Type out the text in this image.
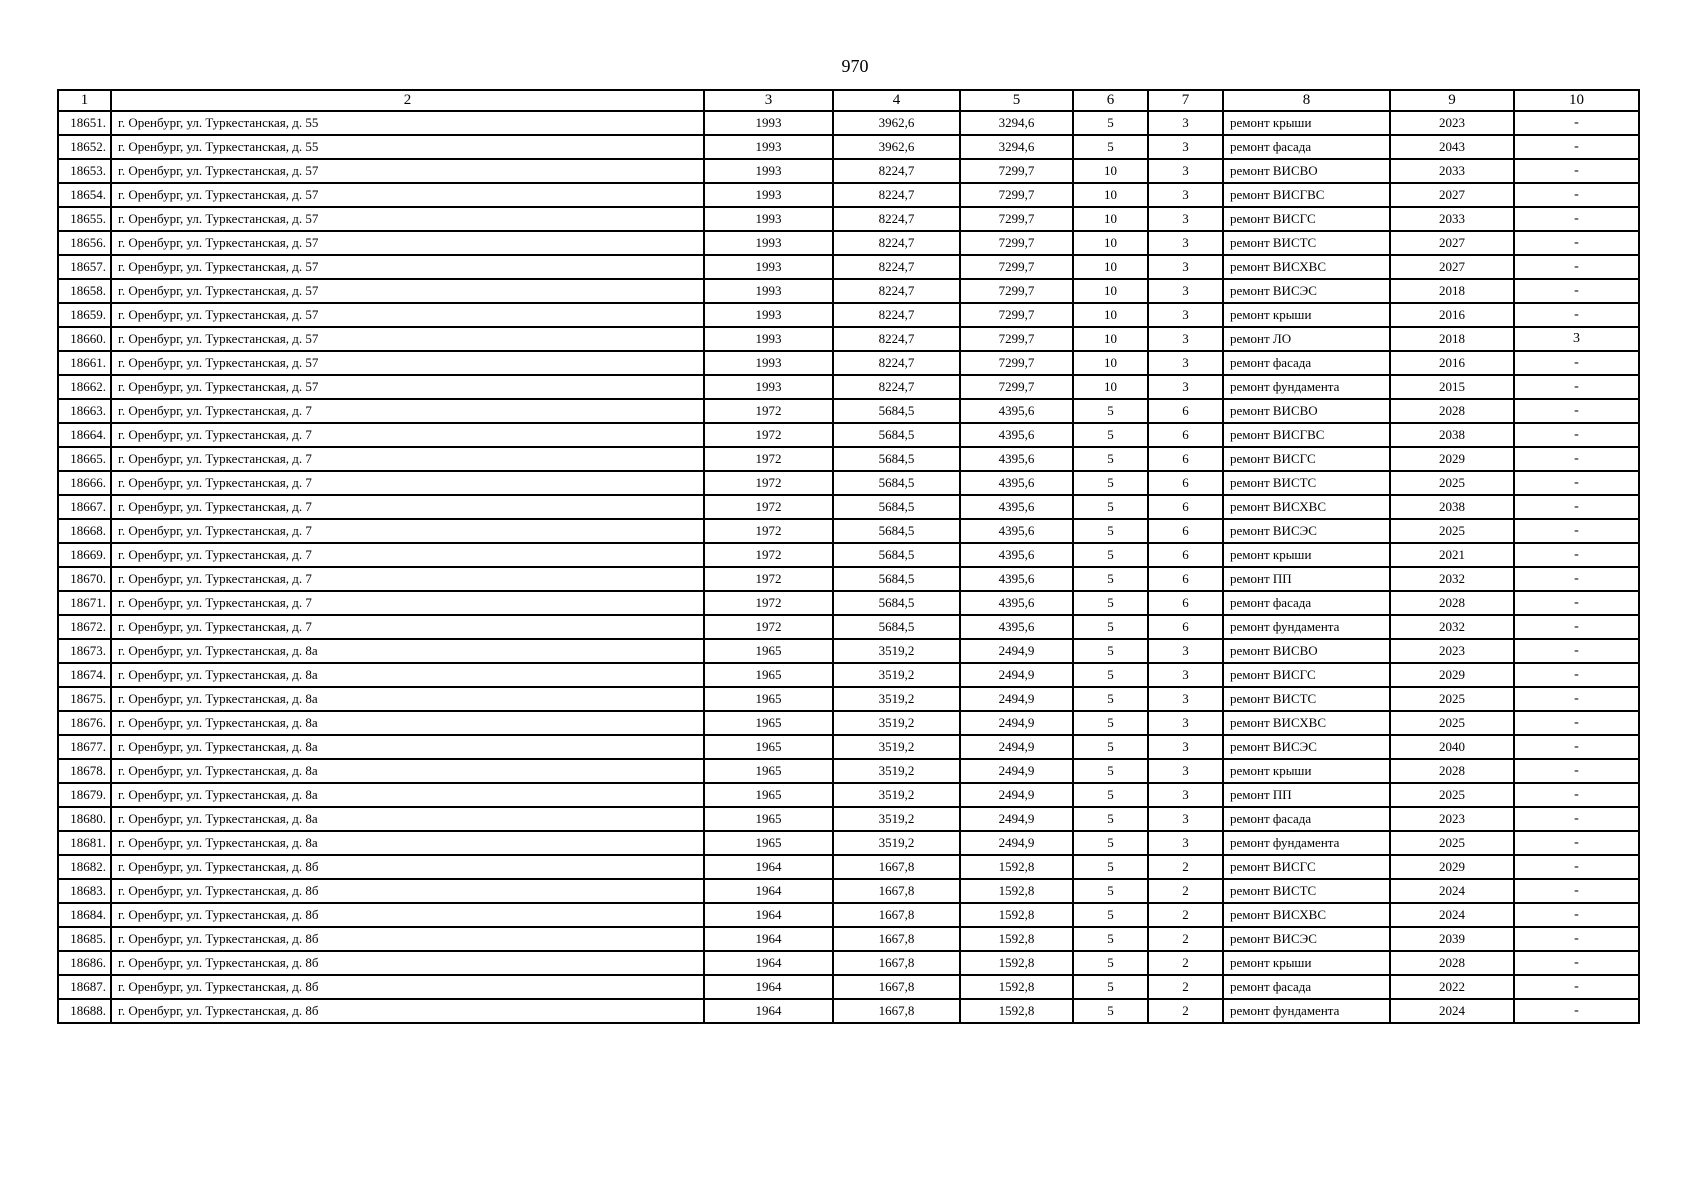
970
1	2	3	4	5	6	7	8	9	10
18651.	г. Оренбург, ул. Туркестанская, д. 55	1993	3962,6	3294,6	5	3	ремонт крыши	2023	-
18652.	г. Оренбург, ул. Туркестанская, д. 55	1993	3962,6	3294,6	5	3	ремонт фасада	2043	-
18653.	г. Оренбург, ул. Туркестанская, д. 57	1993	8224,7	7299,7	10	3	ремонт ВИСВО	2033	-
18654.	г. Оренбург, ул. Туркестанская, д. 57	1993	8224,7	7299,7	10	3	ремонт ВИСГВС	2027	-
18655.	г. Оренбург, ул. Туркестанская, д. 57	1993	8224,7	7299,7	10	3	ремонт ВИСГС	2033	-
18656.	г. Оренбург, ул. Туркестанская, д. 57	1993	8224,7	7299,7	10	3	ремонт ВИСТС	2027	-
18657.	г. Оренбург, ул. Туркестанская, д. 57	1993	8224,7	7299,7	10	3	ремонт ВИСХВС	2027	-
18658.	г. Оренбург, ул. Туркестанская, д. 57	1993	8224,7	7299,7	10	3	ремонт ВИСЭС	2018	-
18659.	г. Оренбург, ул. Туркестанская, д. 57	1993	8224,7	7299,7	10	3	ремонт крыши	2016	-
18660.	г. Оренбург, ул. Туркестанская, д. 57	1993	8224,7	7299,7	10	3	ремонт ЛО	2018	3
18661.	г. Оренбург, ул. Туркестанская, д. 57	1993	8224,7	7299,7	10	3	ремонт фасада	2016	-
18662.	г. Оренбург, ул. Туркестанская, д. 57	1993	8224,7	7299,7	10	3	ремонт фундамента	2015	-
18663.	г. Оренбург, ул. Туркестанская, д. 7	1972	5684,5	4395,6	5	6	ремонт ВИСВО	2028	-
18664.	г. Оренбург, ул. Туркестанская, д. 7	1972	5684,5	4395,6	5	6	ремонт ВИСГВС	2038	-
18665.	г. Оренбург, ул. Туркестанская, д. 7	1972	5684,5	4395,6	5	6	ремонт ВИСГС	2029	-
18666.	г. Оренбург, ул. Туркестанская, д. 7	1972	5684,5	4395,6	5	6	ремонт ВИСТС	2025	-
18667.	г. Оренбург, ул. Туркестанская, д. 7	1972	5684,5	4395,6	5	6	ремонт ВИСХВС	2038	-
18668.	г. Оренбург, ул. Туркестанская, д. 7	1972	5684,5	4395,6	5	6	ремонт ВИСЭС	2025	-
18669.	г. Оренбург, ул. Туркестанская, д. 7	1972	5684,5	4395,6	5	6	ремонт крыши	2021	-
18670.	г. Оренбург, ул. Туркестанская, д. 7	1972	5684,5	4395,6	5	6	ремонт ПП	2032	-
18671.	г. Оренбург, ул. Туркестанская, д. 7	1972	5684,5	4395,6	5	6	ремонт фасада	2028	-
18672.	г. Оренбург, ул. Туркестанская, д. 7	1972	5684,5	4395,6	5	6	ремонт фундамента	2032	-
18673.	г. Оренбург, ул. Туркестанская, д. 8а	1965	3519,2	2494,9	5	3	ремонт ВИСВО	2023	-
18674.	г. Оренбург, ул. Туркестанская, д. 8а	1965	3519,2	2494,9	5	3	ремонт ВИСГС	2029	-
18675.	г. Оренбург, ул. Туркестанская, д. 8а	1965	3519,2	2494,9	5	3	ремонт ВИСТС	2025	-
18676.	г. Оренбург, ул. Туркестанская, д. 8а	1965	3519,2	2494,9	5	3	ремонт ВИСХВС	2025	-
18677.	г. Оренбург, ул. Туркестанская, д. 8а	1965	3519,2	2494,9	5	3	ремонт ВИСЭС	2040	-
18678.	г. Оренбург, ул. Туркестанская, д. 8а	1965	3519,2	2494,9	5	3	ремонт крыши	2028	-
18679.	г. Оренбург, ул. Туркестанская, д. 8а	1965	3519,2	2494,9	5	3	ремонт ПП	2025	-
18680.	г. Оренбург, ул. Туркестанская, д. 8а	1965	3519,2	2494,9	5	3	ремонт фасада	2023	-
18681.	г. Оренбург, ул. Туркестанская, д. 8а	1965	3519,2	2494,9	5	3	ремонт фундамента	2025	-
18682.	г. Оренбург, ул. Туркестанская, д. 8б	1964	1667,8	1592,8	5	2	ремонт ВИСГС	2029	-
18683.	г. Оренбург, ул. Туркестанская, д. 8б	1964	1667,8	1592,8	5	2	ремонт ВИСТС	2024	-
18684.	г. Оренбург, ул. Туркестанская, д. 8б	1964	1667,8	1592,8	5	2	ремонт ВИСХВС	2024	-
18685.	г. Оренбург, ул. Туркестанская, д. 8б	1964	1667,8	1592,8	5	2	ремонт ВИСЭС	2039	-
18686.	г. Оренбург, ул. Туркестанская, д. 8б	1964	1667,8	1592,8	5	2	ремонт крыши	2028	-
18687.	г. Оренбург, ул. Туркестанская, д. 8б	1964	1667,8	1592,8	5	2	ремонт фасада	2022	-
18688.	г. Оренбург, ул. Туркестанская, д. 8б	1964	1667,8	1592,8	5	2	ремонт фундамента	2024	-
